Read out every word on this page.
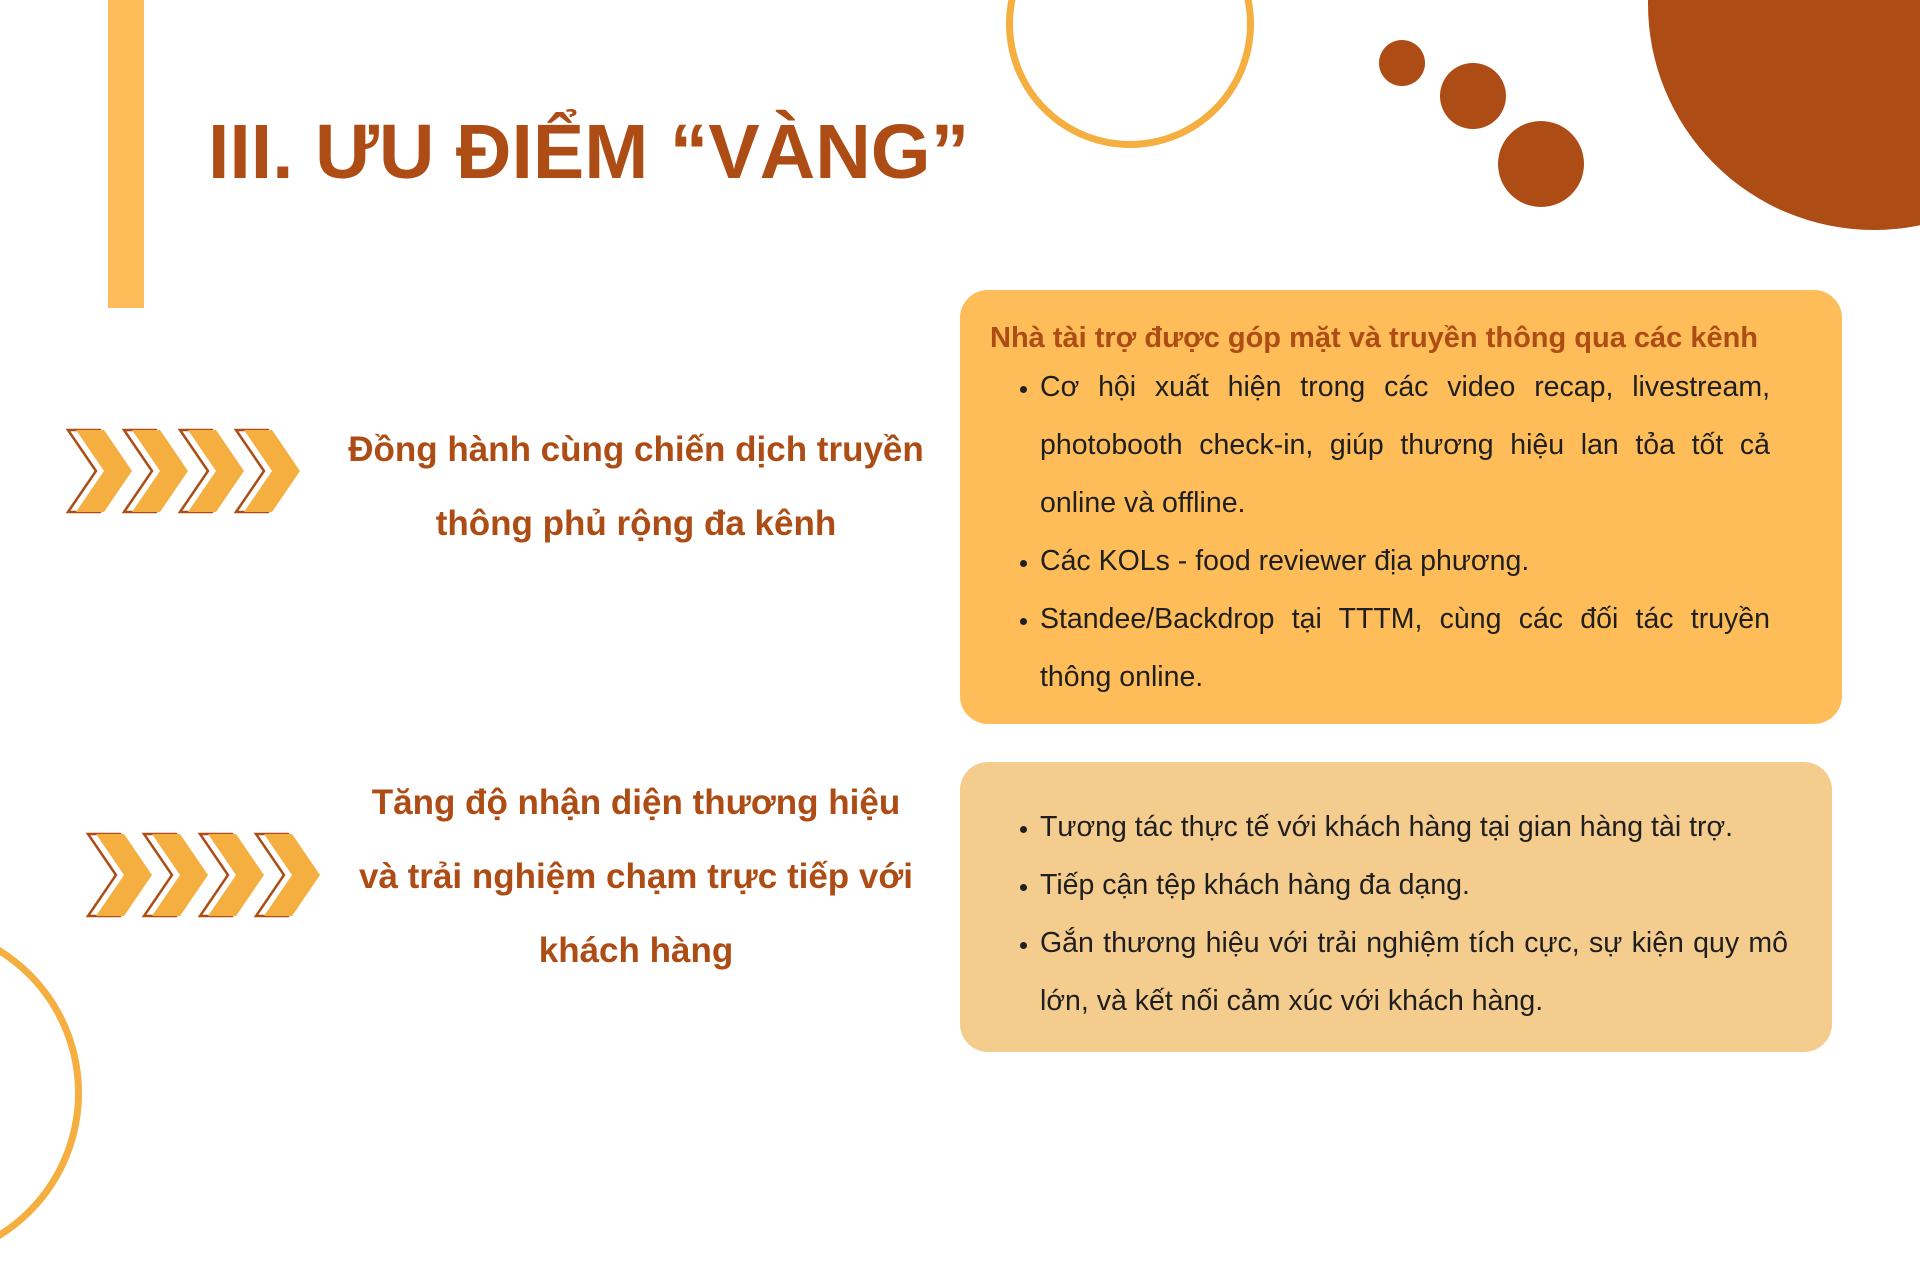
III. ƯU ĐIỂM “VÀNG”

Đồng hành cùng chiến dịch truyền thông phủ rộng đa kênh

Nhà tài trợ được góp mặt và truyền thông qua các kênh

• Cơ hội xuất hiện trong các video recap, livestream, photobooth check-in, giúp thương hiệu lan tỏa tốt cả online và offline.
• Các KOLs - food reviewer địa phương.
• Standee/Backdrop tại TTTM, cùng các đối tác truyền thông online.

Tăng độ nhận diện thương hiệu và trải nghiệm chạm trực tiếp với khách hàng

• Tương tác thực tế với khách hàng tại gian hàng tài trợ.
• Tiếp cận tệp khách hàng đa dạng.
• Gắn thương hiệu với trải nghiệm tích cực, sự kiện quy mô lớn, và kết nối cảm xúc với khách hàng.
